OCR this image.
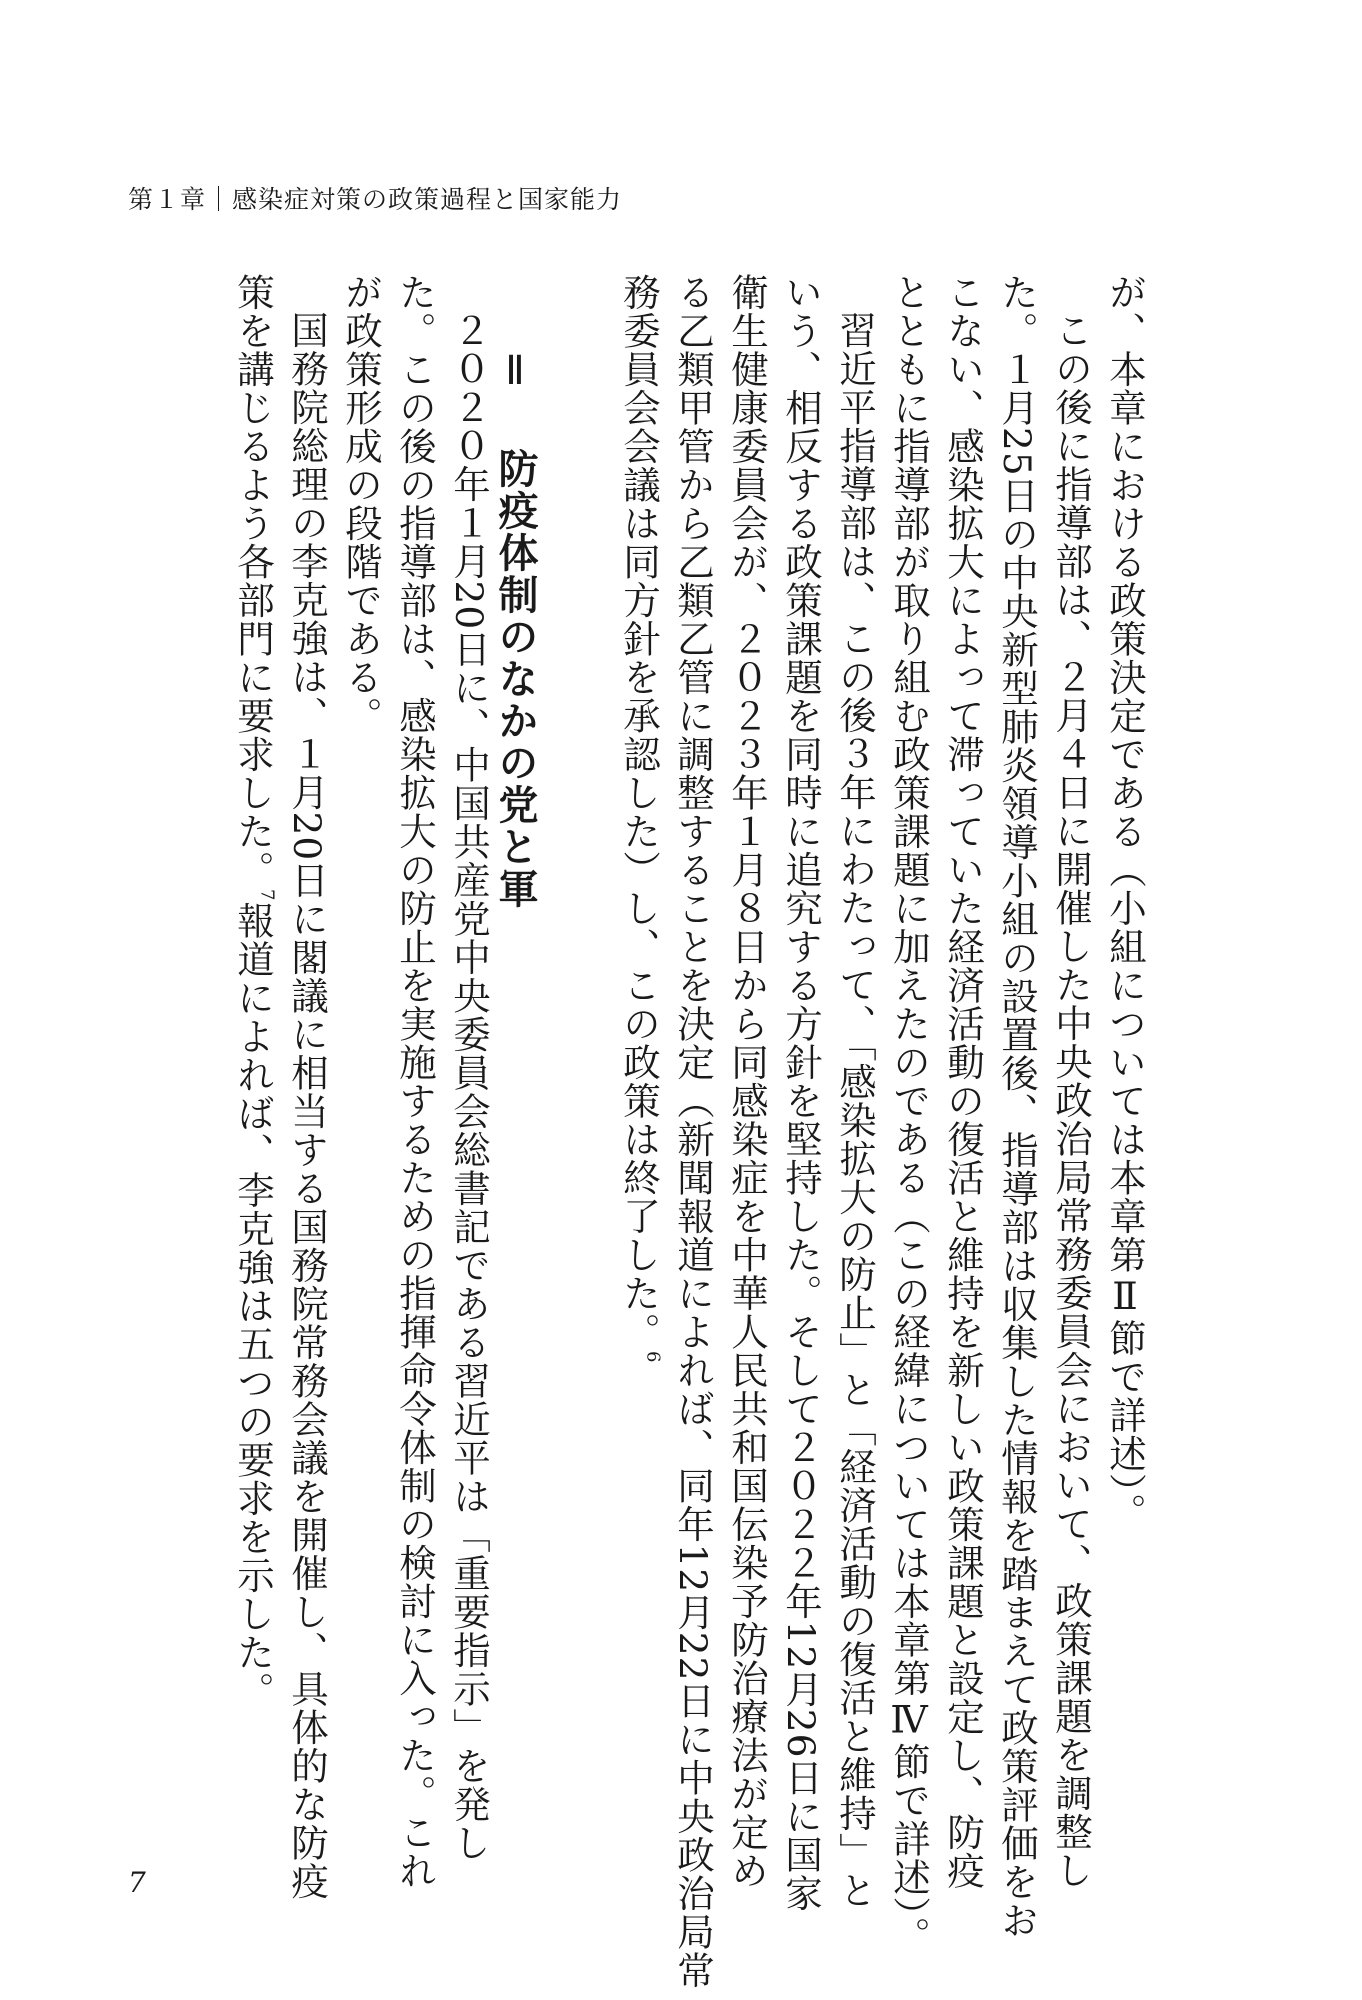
第１章｜感染症対策の政策過程と国家能力
が、本章における政策決定である（小組については本章第Ⅱ節で詳述）。
この後に指導部は、２月４日に開催した中央政治局常務委員会において、政策課題を調整し
た。１月25日の中央新型肺炎領導小組の設置後、指導部は収集した情報を踏まえて政策評価をお
こない、感染拡大によって滞っていた経済活動の復活と維持を新しい政策課題と設定し、防疫
とともに指導部が取り組む政策課題に加えたのである（この経緯については本章第Ⅳ節で詳述）。
習近平指導部は、この後３年にわたって、「感染拡大の防止」と「経済活動の復活と維持」と
いう、相反する政策課題を同時に追究する方針を堅持した。そして２０２２年12月26日に国家
衛生健康委員会が、２０２３年１月８日から同感染症を中華人民共和国伝染予防治療法が定め
る乙類甲管から乙類乙管に調整することを決定（新聞報道によれば、同年12月22日に中央政治局常
務委員会会議は同方針を承認した）し、この政策は終了した。$^6$
Ⅱ 防疫体制のなかの党と軍
２０２０年１月20日に、中国共産党中央委員会総書記である習近平は「重要指示」を発し
た。この後の指導部は、感染拡大の防止を実施するための指揮命令体制の検討に入った。これ
が政策形成の段階である。
国務院総理の李克強は、１月20日に閣議に相当する国務院常務会議を開催し、具体的な防疫
策を講じるよう各部門に要求した。$^7$報道によれば、李克強は五つの要求を示した。
7
